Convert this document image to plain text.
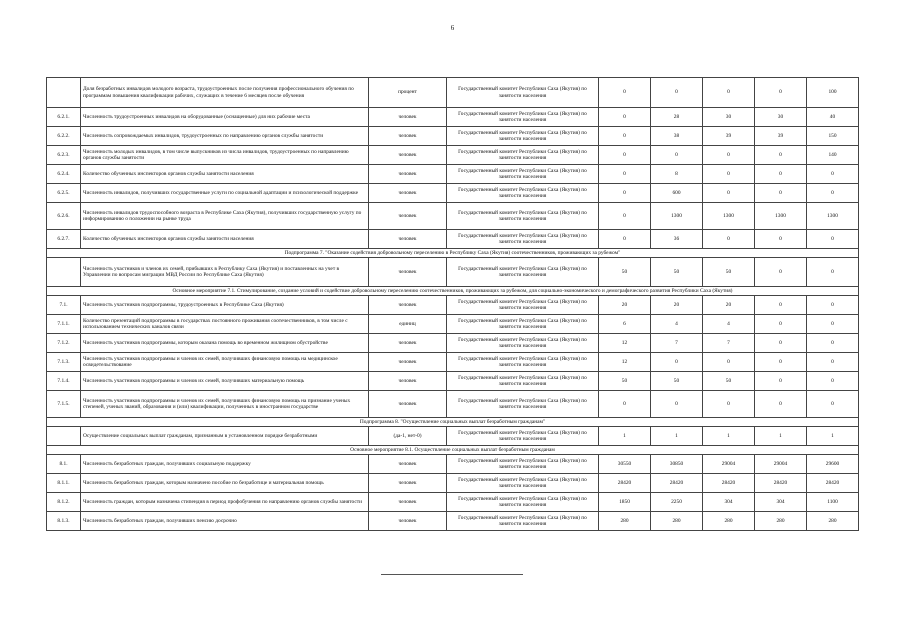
6
	Доля безработных инвалидов молодого возраста, трудоустроенных после получения профессионального обучения по программам повышения квалификации рабочих, служащих в течение 6 месяцев после обучения	процент	Государственный комитет Республики Саха (Якутия) по занятости населения	0	0	0	0	100
6.2.1.	Численность трудоустроенных инвалидов на оборудованные (оснащенные) для них рабочие места	человек	Государственный комитет Республики Саха (Якутия) по занятости населения	0	28	30	30	40
6.2.2.	Численность сопровождаемых инвалидов, трудоустроенных по направлению органов службы занятости	человек	Государственный комитет Республики Саха (Якутия) по занятости населения	0	38	39	39	150
6.2.3.	Численность молодых инвалидов, в том числе выпускников из числа инвалидов, трудоустроенных по направлению органов службы занятости	человек	Государственный комитет Республики Саха (Якутия) по занятости населения	0	0	0	0	140
6.2.4.	Количество обученных инспекторов органов службы занятости населения	человек	Государственный комитет Республики Саха (Якутия) по занятости населения	0	8	0	0	0
6.2.5.	Численность инвалидов, получивших государственные услуги по социальной адаптации и психологической поддержке	человек	Государственный комитет Республики Саха (Якутия) по занятости населения	0	600	0	0	0
6.2.6.	Численность инвалидов трудоспособного возраста в Республике Саха (Якутия), получивших государственную услугу по информированию о положении на рынке труда	человек	Государственный комитет Республики Саха (Якутия) по занятости населения	0	1300	1300	1300	1300
6.2.7.	Количество обученных инспекторов органов службы занятости населения	человек	Государственный комитет Республики Саха (Якутия) по занятости населения	0	36	0	0	0
Подпрограмма 7. "Оказание содействия добровольному переселению в Республику Саха (Якутия) соотечественников, проживающих за рубежом"								
	Численность участников и членов их семей, прибывших в Республику Саха (Якутия) и поставленных на учет в Управлении по вопросам миграции МВД России по Республике Саха (Якутия)	человек	Государственный комитет Республики Саха (Якутия) по занятости населения	50	50	50	0	0
Основное мероприятие 7.1. Стимулирование, создание условий и содействие добровольному переселению соотечественников, проживающих за рубежом, для социально-экономического и демографического развития Республики Саха (Якутия)								
7.1.	Численность участников подпрограммы, трудоустроенных в Республике Саха (Якутия)	человек	Государственный комитет Республики Саха (Якутия) по занятости населения	20	20	20	0	0
7.1.1.	Количество презентаций подпрограммы в государствах постоянного проживания соотечественников, в том числе с использованием технических каналов связи	единиц	Государственный комитет Республики Саха (Якутия) по занятости населения	6	4	4	0	0
7.1.2.	Численность участников подпрограммы, которым оказана помощь во временном жилищном обустройстве	человек	Государственный комитет Республики Саха (Якутия) по занятости населения	12	7	7	0	0
7.1.3.	Численность участников подпрограммы и членов их семей, получивших финансовую помощь на медицинское освидетельствование	человек	Государственный комитет Республики Саха (Якутия) по занятости населения	12	0	0	0	0
7.1.4.	Численность участников подпрограммы и членов их семей, получивших материальную помощь	человек	Государственный комитет Республики Саха (Якутия) по занятости населения	50	50	50	0	0
7.1.5.	Численность участников подпрограммы и членов их семей, получивших финансовую помощь на признание ученых степеней, ученых званий, образования и (или) квалификации, полученных в иностранном государстве	человек	Государственный комитет Республики Саха (Якутия) по занятости населения	0	0	0	0	0
Подпрограмма 8. "Осуществление социальных выплат безработным гражданам"								
	Осуществление социальных выплат гражданам, признанным в установленном порядке безработными	(да-1, нет-0)	Государственный комитет Республики Саха (Якутия) по занятости населения	1	1	1	1	1
Основное мероприятие 8.1. Осуществление социальных выплат безработным гражданам								
8.1.	Численность безработных граждан, получивших социальную поддержку	человек	Государственный комитет Республики Саха (Якутия) по занятости населения	30550	30850	29004	29004	29600
8.1.1.	Численность безработных граждан, которым назначено пособие по безработице и материальная помощь	человек	Государственный комитет Республики Саха (Якутия) по занятости населения	28420	28420	28420	28420	28420
8.1.2.	Численность граждан, которым назначена стипендия в период профобучения по направлению органов службы занятости	человек	Государственный комитет Республики Саха (Якутия) по занятости населения	1850	2250	304	304	1100
8.1.3.	Численность безработных граждан, получивших пенсию досрочно	человек	Государственный комитет Республики Саха (Якутия) по занятости населения	280	280	280	280	280
